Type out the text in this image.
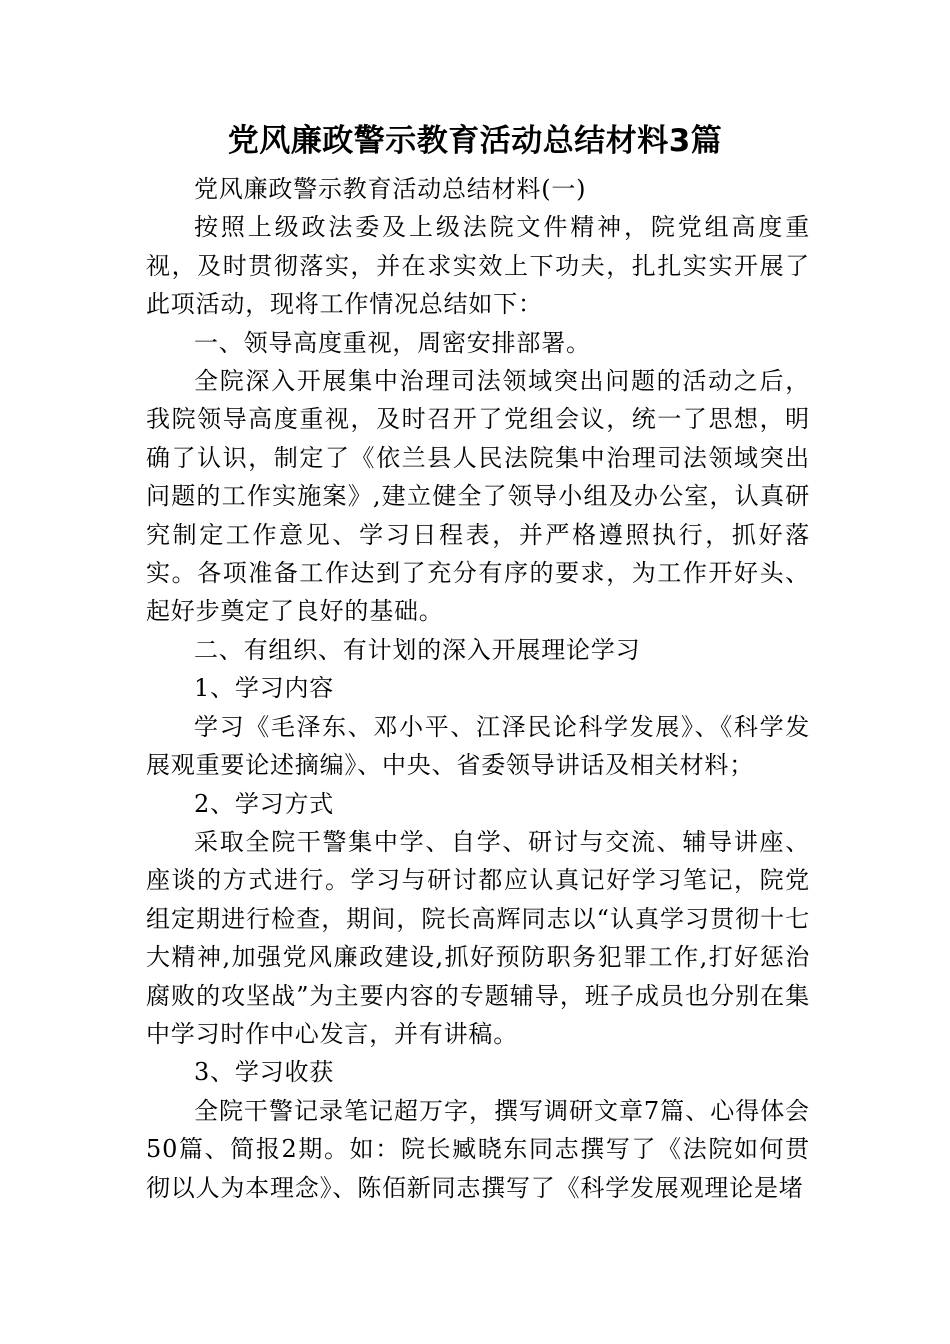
党风廉政警示教育活动总结材料3篇

党风廉政警示教育活动总结材料(一)

按照上级政法委及上级法院文件精神，院党组高度重视，及时贯彻落实，并在求实效上下功夫，扎扎实实开展了此项活动，现将工作情况总结如下：

一、领导高度重视，周密安排部署。

全院深入开展集中治理司法领域突出问题的活动之后，我院领导高度重视，及时召开了党组会议，统一了思想，明确了认识，制定了《依兰县人民法院集中治理司法领域突出问题的工作实施案》,建立健全了领导小组及办公室，认真研究制定工作意见、学习日程表，并严格遵照执行，抓好落实。各项准备工作达到了充分有序的要求，为工作开好头、起好步奠定了良好的基础。

二、有组织、有计划的深入开展理论学习

1、学习内容

学习《毛泽东、邓小平、江泽民论科学发展》、《科学发展观重要论述摘编》、中央、省委领导讲话及相关材料；

2、学习方式

采取全院干警集中学、自学、研讨与交流、辅导讲座、座谈的方式进行。学习与研讨都应认真记好学习笔记，院党组定期进行检查，期间，院长高辉同志以“认真学习贯彻十七大精神,加强党风廉政建设,抓好预防职务犯罪工作,打好惩治腐败的攻坚战”为主要内容的专题辅导，班子成员也分别在集中学习时作中心发言，并有讲稿。

3、学习收获

全院干警记录笔记超万字，撰写调研文章7篇、心得体会50篇、简报2期。如：院长臧晓东同志撰写了《法院如何贯彻以人为本理念》、陈佰新同志撰写了《科学发展观理论是堵
